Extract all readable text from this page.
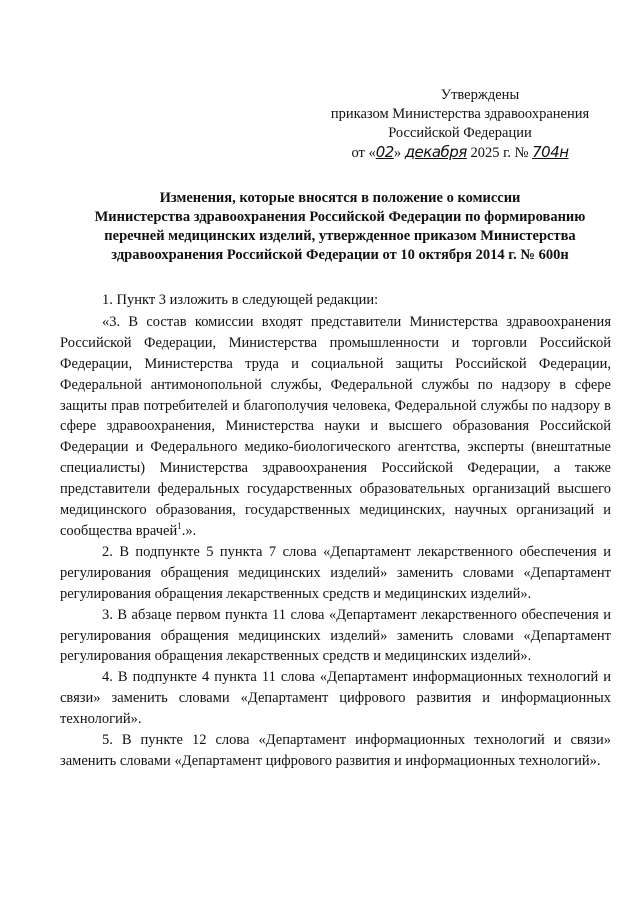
Утверждены
приказом Министерства здравоохранения
Российской Федерации
от «02» декабря 2025 г. № 704н
Изменения, которые вносятся в положение о комиссии
Министерства здравоохранения Российской Федерации по формированию
перечней медицинских изделий, утвержденное приказом Министерства
здравоохранения Российской Федерации от 10 октября 2014 г. № 600н

1. Пункт 3 изложить в следующей редакции:

«3. В состав комиссии входят представители Министерства здравоохранения Российской Федерации, Министерства промышленности и торговли Российской Федерации, Министерства труда и социальной защиты Российской Федерации, Федеральной антимонопольной службы, Федеральной службы по надзору в сфере защиты прав потребителей и благополучия человека, Федеральной службы по надзору в сфере здравоохранения, Министерства науки и высшего образования Российской Федерации и Федерального медико-биологического агентства, эксперты (внештатные специалисты) Министерства здравоохранения Российской Федерации, а также представители федеральных государственных образовательных организаций высшего медицинского образования, государственных медицинских, научных организаций и сообщества врачей$^1$.».

2. В подпункте 5 пункта 7 слова «Департамент лекарственного обеспечения и регулирования обращения медицинских изделий» заменить словами «Департамент регулирования обращения лекарственных средств и медицинских изделий».

3. В абзаце первом пункта 11 слова «Департамент лекарственного обеспечения и регулирования обращения медицинских изделий» заменить словами «Департамент регулирования обращения лекарственных средств и медицинских изделий».

4. В подпункте 4 пункта 11 слова «Департамент информационных технологий и связи» заменить словами «Департамент цифрового развития и информационных технологий».

5. В пункте 12 слова «Департамент информационных технологий и связи» заменить словами «Департамент цифрового развития и информационных технологий».
